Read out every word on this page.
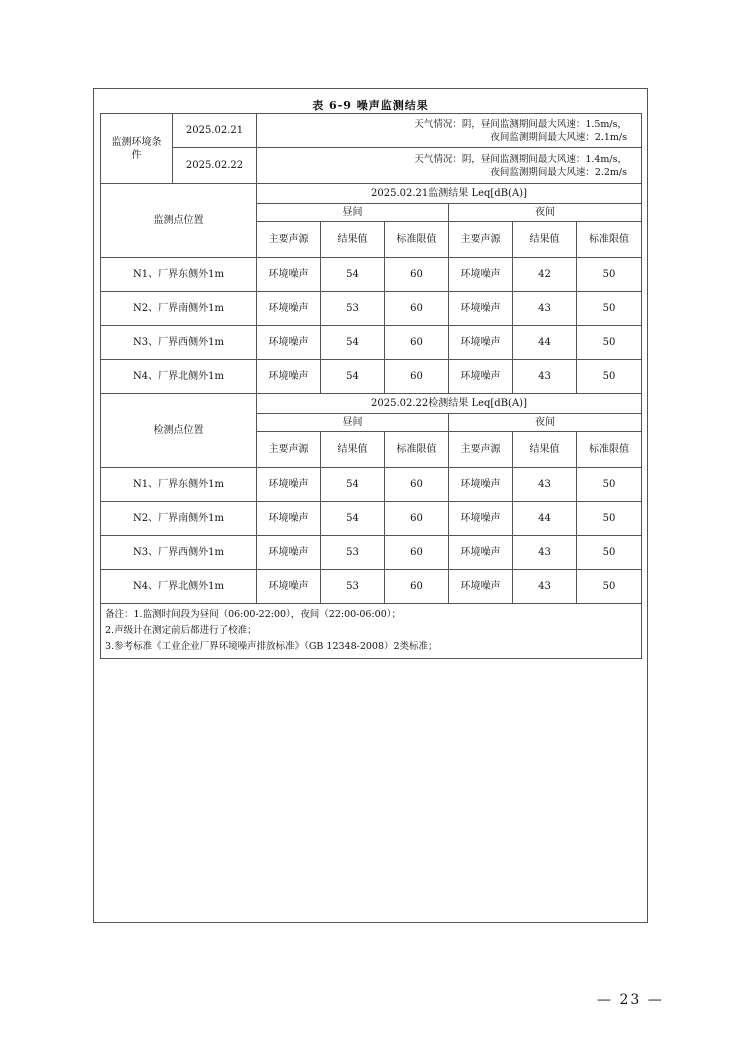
表 6-9 噪声监测结果
监测环境条件	2025.02.21	天气情况：阴，昼间监测期间最大风速：1.5m/s，
夜间监测期间最大风速：2.1m/s					

	2025.02.22	天气情况：阴，昼间监测期间最大风速：1.4m/s，
夜间监测期间最大风速：2.2m/s					

监测点位置		2025.02.21监测结果 Leq[dB(A)]					
		昼间			夜间		
		主要声源	结果值	标准限值	主要声源	结果值	标准限值
N1、厂界东侧外1m		环境噪声	54	60	环境噪声	42	50
N2、厂界南侧外1m		环境噪声	53	60	环境噪声	43	50
N3、厂界西侧外1m		环境噪声	54	60	环境噪声	44	50
N4、厂界北侧外1m		环境噪声	54	60	环境噪声	43	50
检测点位置		2025.02.22检测结果 Leq[dB(A)]					
		昼间			夜间		
		主要声源	结果值	标准限值	主要声源	结果值	标准限值
N1、厂界东侧外1m		环境噪声	54	60	环境噪声	43	50
N2、厂界南侧外1m		环境噪声	54	60	环境噪声	44	50
N3、厂界西侧外1m		环境噪声	53	60	环境噪声	43	50
N4、厂界北侧外1m		环境噪声	53	60	环境噪声	43	50

备注：1.监测时间段为昼间（06:00-22:00），夜间（22:00-06:00）；
2.声级计在测定前后都进行了校准；
3.参考标准《工业企业厂界环境噪声排放标准》（GB 12348-2008）2类标准；							
— 23 —
